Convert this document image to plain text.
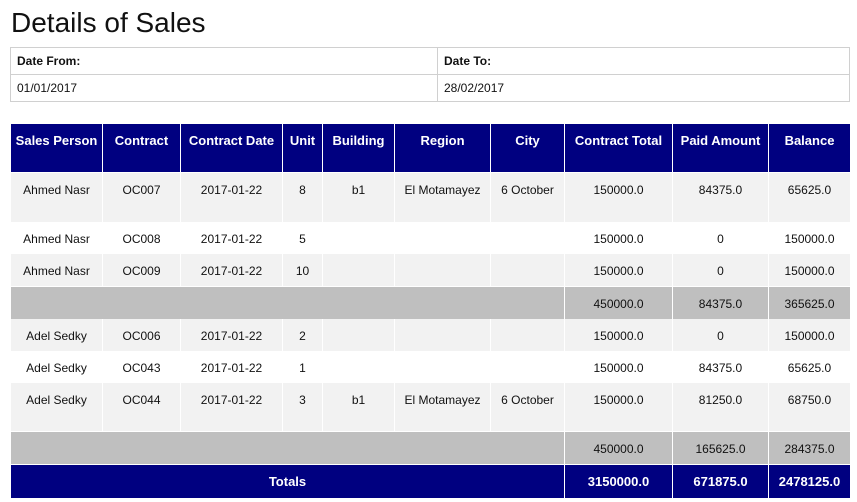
Details of Sales
Date From:	Date To:
01/01/2017	28/02/2017
Sales Person	Contract	Contract Date	Unit	Building	Region	City	Contract Total	Paid Amount	Balance
Ahmed Nasr	OC007	2017-01-22	8	b1	El Motamayez	6 October	150000.0	84375.0	65625.0
Ahmed Nasr	OC008	2017-01-22	5				150000.0	0	150000.0
Ahmed Nasr	OC009	2017-01-22	10				150000.0	0	150000.0
							450000.0	84375.0	365625.0
Adel Sedky	OC006	2017-01-22	2				150000.0	0	150000.0
Adel Sedky	OC043	2017-01-22	1				150000.0	84375.0	65625.0
Adel Sedky	OC044	2017-01-22	3	b1	El Motamayez	6 October	150000.0	81250.0	68750.0
							450000.0	165625.0	284375.0
Totals							3150000.0	671875.0	2478125.0
